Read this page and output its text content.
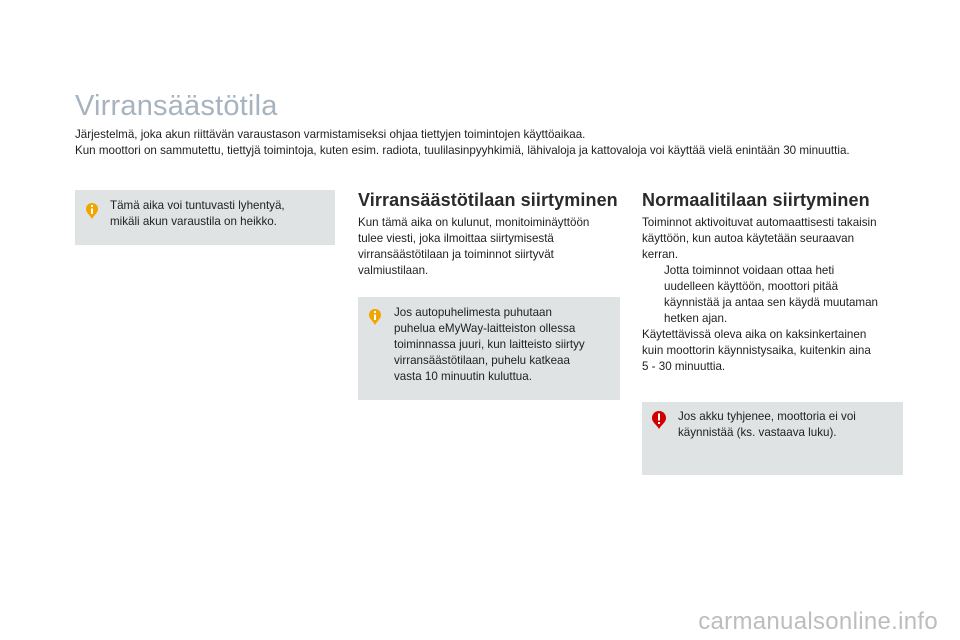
Virransäästötila

Järjestelmä, joka akun riittävän varaustason varmistamiseksi ohjaa tiettyjen toimintojen käyttöaikaa.

Kun moottori on sammutettu, tiettyjä toimintoja, kuten esim. radiota, tuulilasinpyyhkimiä, lähivaloja ja kattovaloja voi käyttää vielä enintään 30 minuuttia.

Tämä aika voi tuntuvasti lyhentyä,
mikäli akun varaustila on heikko.
Virransäästötilaan siirtyminen

Kun tämä aika on kulunut, monitoiminäyttöön

tulee viesti, joka ilmoittaa siirtymisestä

virransäästötilaan ja toiminnot siirtyvät

valmiustilaan.

Jos autopuhelimesta puhutaan
puhelua eMyWay-laitteiston ollessa
toiminnassa juuri, kun laitteisto siirtyy
virransäästötilaan, puhelu katkeaa
vasta 10 minuutin kuluttua.
Normaalitilaan siirtyminen

Toiminnot aktivoituvat automaattisesti takaisin

käyttöön, kun autoa käytetään seuraavan

kerran.

Jotta toiminnot voidaan ottaa heti

uudelleen käyttöön, moottori pitää

käynnistää ja antaa sen käydä muutaman

hetken ajan.

Käytettävissä oleva aika on kaksinkertainen

kuin moottorin käynnistysaika, kuitenkin aina

5 - 30 minuuttia.

Jos akku tyhjenee, moottoria ei voi
käynnistää (ks. vastaava luku).
carmanualsonline.info
